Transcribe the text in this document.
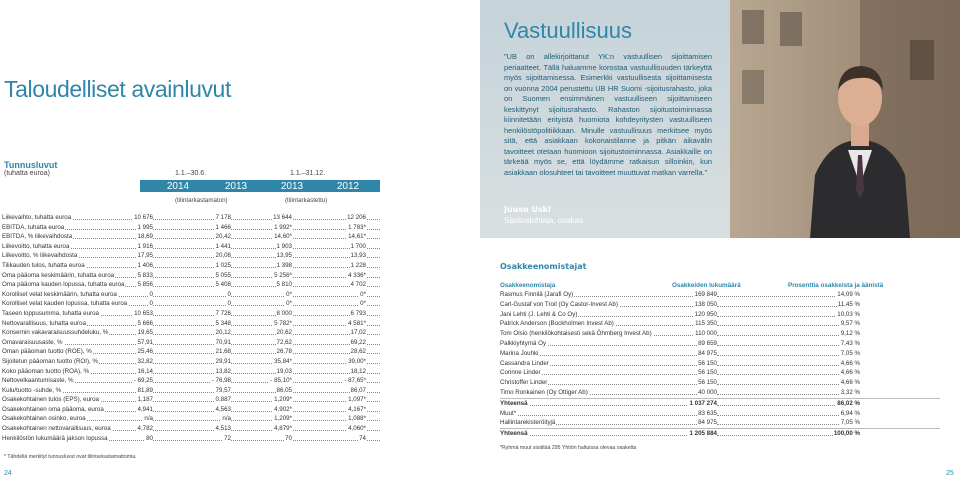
Taloudelliset avainluvut
Tunnusluvut
(tuhatta euroa)	1.1.–30.6.	1.1.–31.12.
2014	2013	2013	2012
(tilintarkastamaton)	(tilintarkastettu)
Liikevaihto, tuhatta euroa	10 676	7 178	13 644	12 206
EBITDA, tuhatta euroa	1 995	1 466	1 992*	1 783*
EBITDA, % liikevaihdosta	18,69	20,42	14,60*	14,61*
Liikevoitto, tuhatta euroa	1 916	1 441	1 903	1 700
Liikevoitto, % liikevaihdosta	17,95	20,08	13,95	13,93
Tilikauden tulos, tuhatta euroa	1 406	1 025	1 398	1 228
Oma pääoma keskimäärin, tuhatta euroa	5 833	5 055	5 256*	4 336*
Oma pääoma kauden lopussa, tuhatta euroa 5 856	5 408	5 810	4 702
Korolliset velat keskimäärin, tuhatta euroa	0	0	0*	0*
Korolliset velat kauden lopussa, tuhatta euroa	0	0	0*	0*
Taseen loppusumma, tuhatta euroa	10 653	7 726	8 000	6 793
Nettovarallisuus, tuhatta euroa	5 666	5 348	5 782*	4 581*
Konsernin vakavaraisuussuhdeluku, %	19,65	20,12	20,62	17,02
Omavaraisuusaste, %	57,91	70,91	72,62	69,22
Oman pääoman tuotto (ROE), %	25,46	21,68	26,78	28,62
Sijoitetun pääoman tuotto (ROI), %	32,82	29,91	35,84*	39,00*
Koko pääoman tuotto (ROA), %	16,14	13,82	19,03	18,12
Nettovelkaantumisaste, %	- 69,25	- 76,98	- 85,10*	- 87,65*
Kulu/tuotto -suhde, %	81,89	79,57	86,05	86,07
Osakekohtainen tulos (EPS), euroa	1,187	0,887	1,209*	1,097*
Osakekohtainen oma pääoma, euroa	4,941	4,563	4,902*	4,167*
Osakekohtainen osinko, euroa	n/a	n/a	1,209*	1,088*
Osakekohtainen nettovarallisuus, euroa	4,782	4,513	4,879*	4,060*
Henkilöstön lukumäärä jakson lopussa	80	72	70	74
* Tähdellä merkityt tunnusluvut ovat tilintarkastamattomia.
24
Vastuullisuus
"UB on allekirjoittanut YK:n vastuullisen sijoittamisen periaatteet. Tällä haluamme korostaa vastuullisuuden tärkeyttä myös sijoittamisessa. Esimerkki vastuullisesta sijoittamisesta on vuonna 2004 perustettu UB HR Suomi -sijoitusrahasto, joka on Suomen ensimmäinen vastuulliseen sijoittamiseen keskittynyt sijoitusrahasto. Rahaston sijoitustoiminnassa kiinnitetään erityistä huomiota kohdeyritysten vastuulliseen henkilöstöpolitiikkaan. Minulle vastuullisuus merkitsee myös sitä, että asiakkaan kokonaistilanne ja pitkän aikavälin tavoitteet otetaan huomioon sijoitustoiminnassa. Asiakkaille on tärkeää myös se, että löydämme ratkaisun silloinkin, kun asiakkaan olosuhteet tai tavoitteet muuttuvat matkan varrella."
Juuso Uski
Sijoitusjohtaja, osakas
Osakkeenomistajat
Osakkeenomistaja	Osakkeiden lukumäärä	Prosenttia osakkeista ja äänistä
Rasmus Finnilä (Jarafi Oy)	169 849	14,09 %
Carl-Gustaf von Troil (Oy Castor-Invest Ab)	138 050	11,45 %
Jani Lehti (J. Lehti & Co Oy)	120 950	10,03 %
Patrick Anderson (Bockholmen Invest Ab)	115 350	9,57 %
Tom Olsio (henkilökohtaisesti sekä Öhmberg Invest Ab)	110 000	9,12 %
Palkkiyhtymä Oy	89 659	7,43 %
Marina Jouhki	84 975	7,05 %
Cassandra Linder	56 150	4,66 %
Corinne Linder	56 150	4,66 %
Christoffer Linder	56 150	4,66 %
Timo Ronkainen (Oy Ottiger Ab)	40 000	3,32 %
Yhteensä	1 037 274	86,02 %
Muut*	83 635	6,94 %
Hallintarekisteröityjä	84 975	7,05 %
Yhteensä	1 205 884	100,00 %
*Ryhmä muut sisältää 295 Yhtiön haltuissa olevaa osaketta
25
